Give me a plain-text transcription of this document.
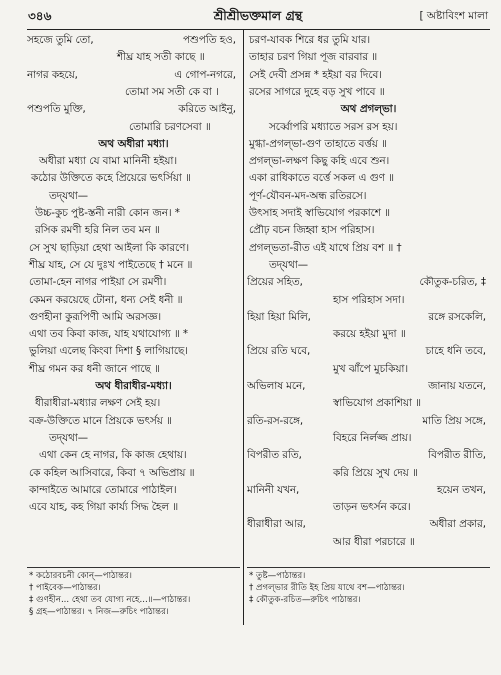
৩৪৬	শ্রীশ্রীভক্তমাল গ্রন্থ	[ অষ্টাবিংশ মালা
সহজে তুমি তো,	পশুপতি হও,
শীঘ্র যাহ সতী কাছে ॥
নাগর কহয়ে,	এ গোপ-নগরে,
তোমা সম সতী কে বা ।
পশুপতি মুক্তি,	করিতে আইনু,
তোমারি চরণসেবা ॥
অথ অধীরা মধ্যা।
অধীরা মধ্যা যে বামা মানিনী হইয়া।
কঠোর উক্তিতে কহে প্রিয়েরে ভৎর্সিয়া ॥
তদ্‌যথা—
উচ্চ-কুচ পুষ্ট-স্তনী নারী কোন জন। *
রসিক রমণী হরি নিল তব মন ॥
সে সুখ ছাড়িয়া হেথা আইলা কি কারণে।
শীঘ্র যাহ, সে যে দুঃখ পাইতেছে † মনে ॥
তোমা-হেন নাগর পাইয়া সে রমণী।
কেমন করয়েছে টোনা, ধন্য সেই ধনী ॥
গুণহীনা কুরূপিণী আমি অরসজ্ঞ।
এথা তব কিবা কাজ, যাহ যথাযোগ্য ॥ *
ভুলিয়া এলেছ কিংবা দিশা § লাগিয়াছে।
শীঘ্র গমন কর ধনী জানে পাছে ॥
অথ ধীরাধীর-মধ্যা।
ধীরাধীরা-মধ্যার লক্ষণ সেই হয়।
বক্র-উক্তিতে মানে প্রিয়কে ভৎর্সয় ॥
তদ্‌যথা—
এথা কেন হে নাগর, কি কাজ হেথায়।
কে কহিল আসিবারে, কিবা ৭ অভিপ্রায় ॥
কান্দাইতে আমারে তোমারে পাঠাইল।
এবে যাহ, কহ গিয়া কার্য্য সিদ্ধ হৈল ॥
* কঠোরবচনী কোন্‌—পাঠান্তর।
† পাইবেক—পাঠান্তর।
‡ গুণহীন... হেথা তব যোগ্য নহে...॥—পাঠান্তর।
§ গ্রহ—পাঠান্তর। ৭ নিজ—রুচিং পাঠান্তর।
চরণ-যাবক শিরে ধর তুমি যার।
তাহার চরণ গিয়া পূজ বারবার ॥
সেই দেবী প্রসন্ন * হইয়া বর দিবে।
রসের সাগরে দুহে বড় সুখ পাবে ॥
অথ প্রগল্ভা।
সর্ব্বোপরি মধ্যাতে সরস রস হয়।
মুগ্ধা-প্রগল্ভা-গুণ তাহাতে বর্ত্তয় ॥
প্রগল্ভা-লক্ষণ কিছু কহি এবে শুন।
একা রাধিকাতে বর্ত্তে সকল এ গুণ ॥
পূর্ণ-যৌবন-মদ-অন্ধ রতিরসে।
উৎসাহ সদাই স্বাভিযোগ পরকাশে ॥
প্রৌঢ় বচন জিহ্বা হাস পরিহাস।
প্রগল্ভতা-রীত এই যাথে প্রিয় বশ ॥ †
তদ্‌যথা—
প্রিয়ের সহিত,	কৌতুক-চরিত, ‡
হাস পরিহাস সদা।
হিয়া হিয়া মিলি,	রঙ্গে রসকেলি,
করয়ে হইয়া মুদা ॥
প্রিয়ে রতি ঘবে,	চাহে ধনি তবে,
মুখ ঝাঁপে মুচকিয়া।
অভিলাষ মনে,	জানায় যতনে,
স্বাভিযোগ প্রকাশিয়া ॥
রতি-রস-রঙ্গে,	মাতি প্রিয় সঙ্গে,
বিহরে নির্লজ্জ প্রায়।
বিপরীত রতি,	বিপরীত রীতি,
করি প্রিয়ে সুখ দেয় ॥
মানিনী যখন,	হয়েন তখন,
তাড়ন ভৎর্সন করে।
ধীরাধীরা আর,	অধীরা প্রকার,
আর ধীরা পরচারে ॥
* তুষ্ট—পাঠান্তর।
† প্রগল্ভার রীতি ইহ প্রিয় যাথে বশ—পাঠান্তর।
‡ কৌতুক-রচিত—রুচিৎ পাঠান্তর।
